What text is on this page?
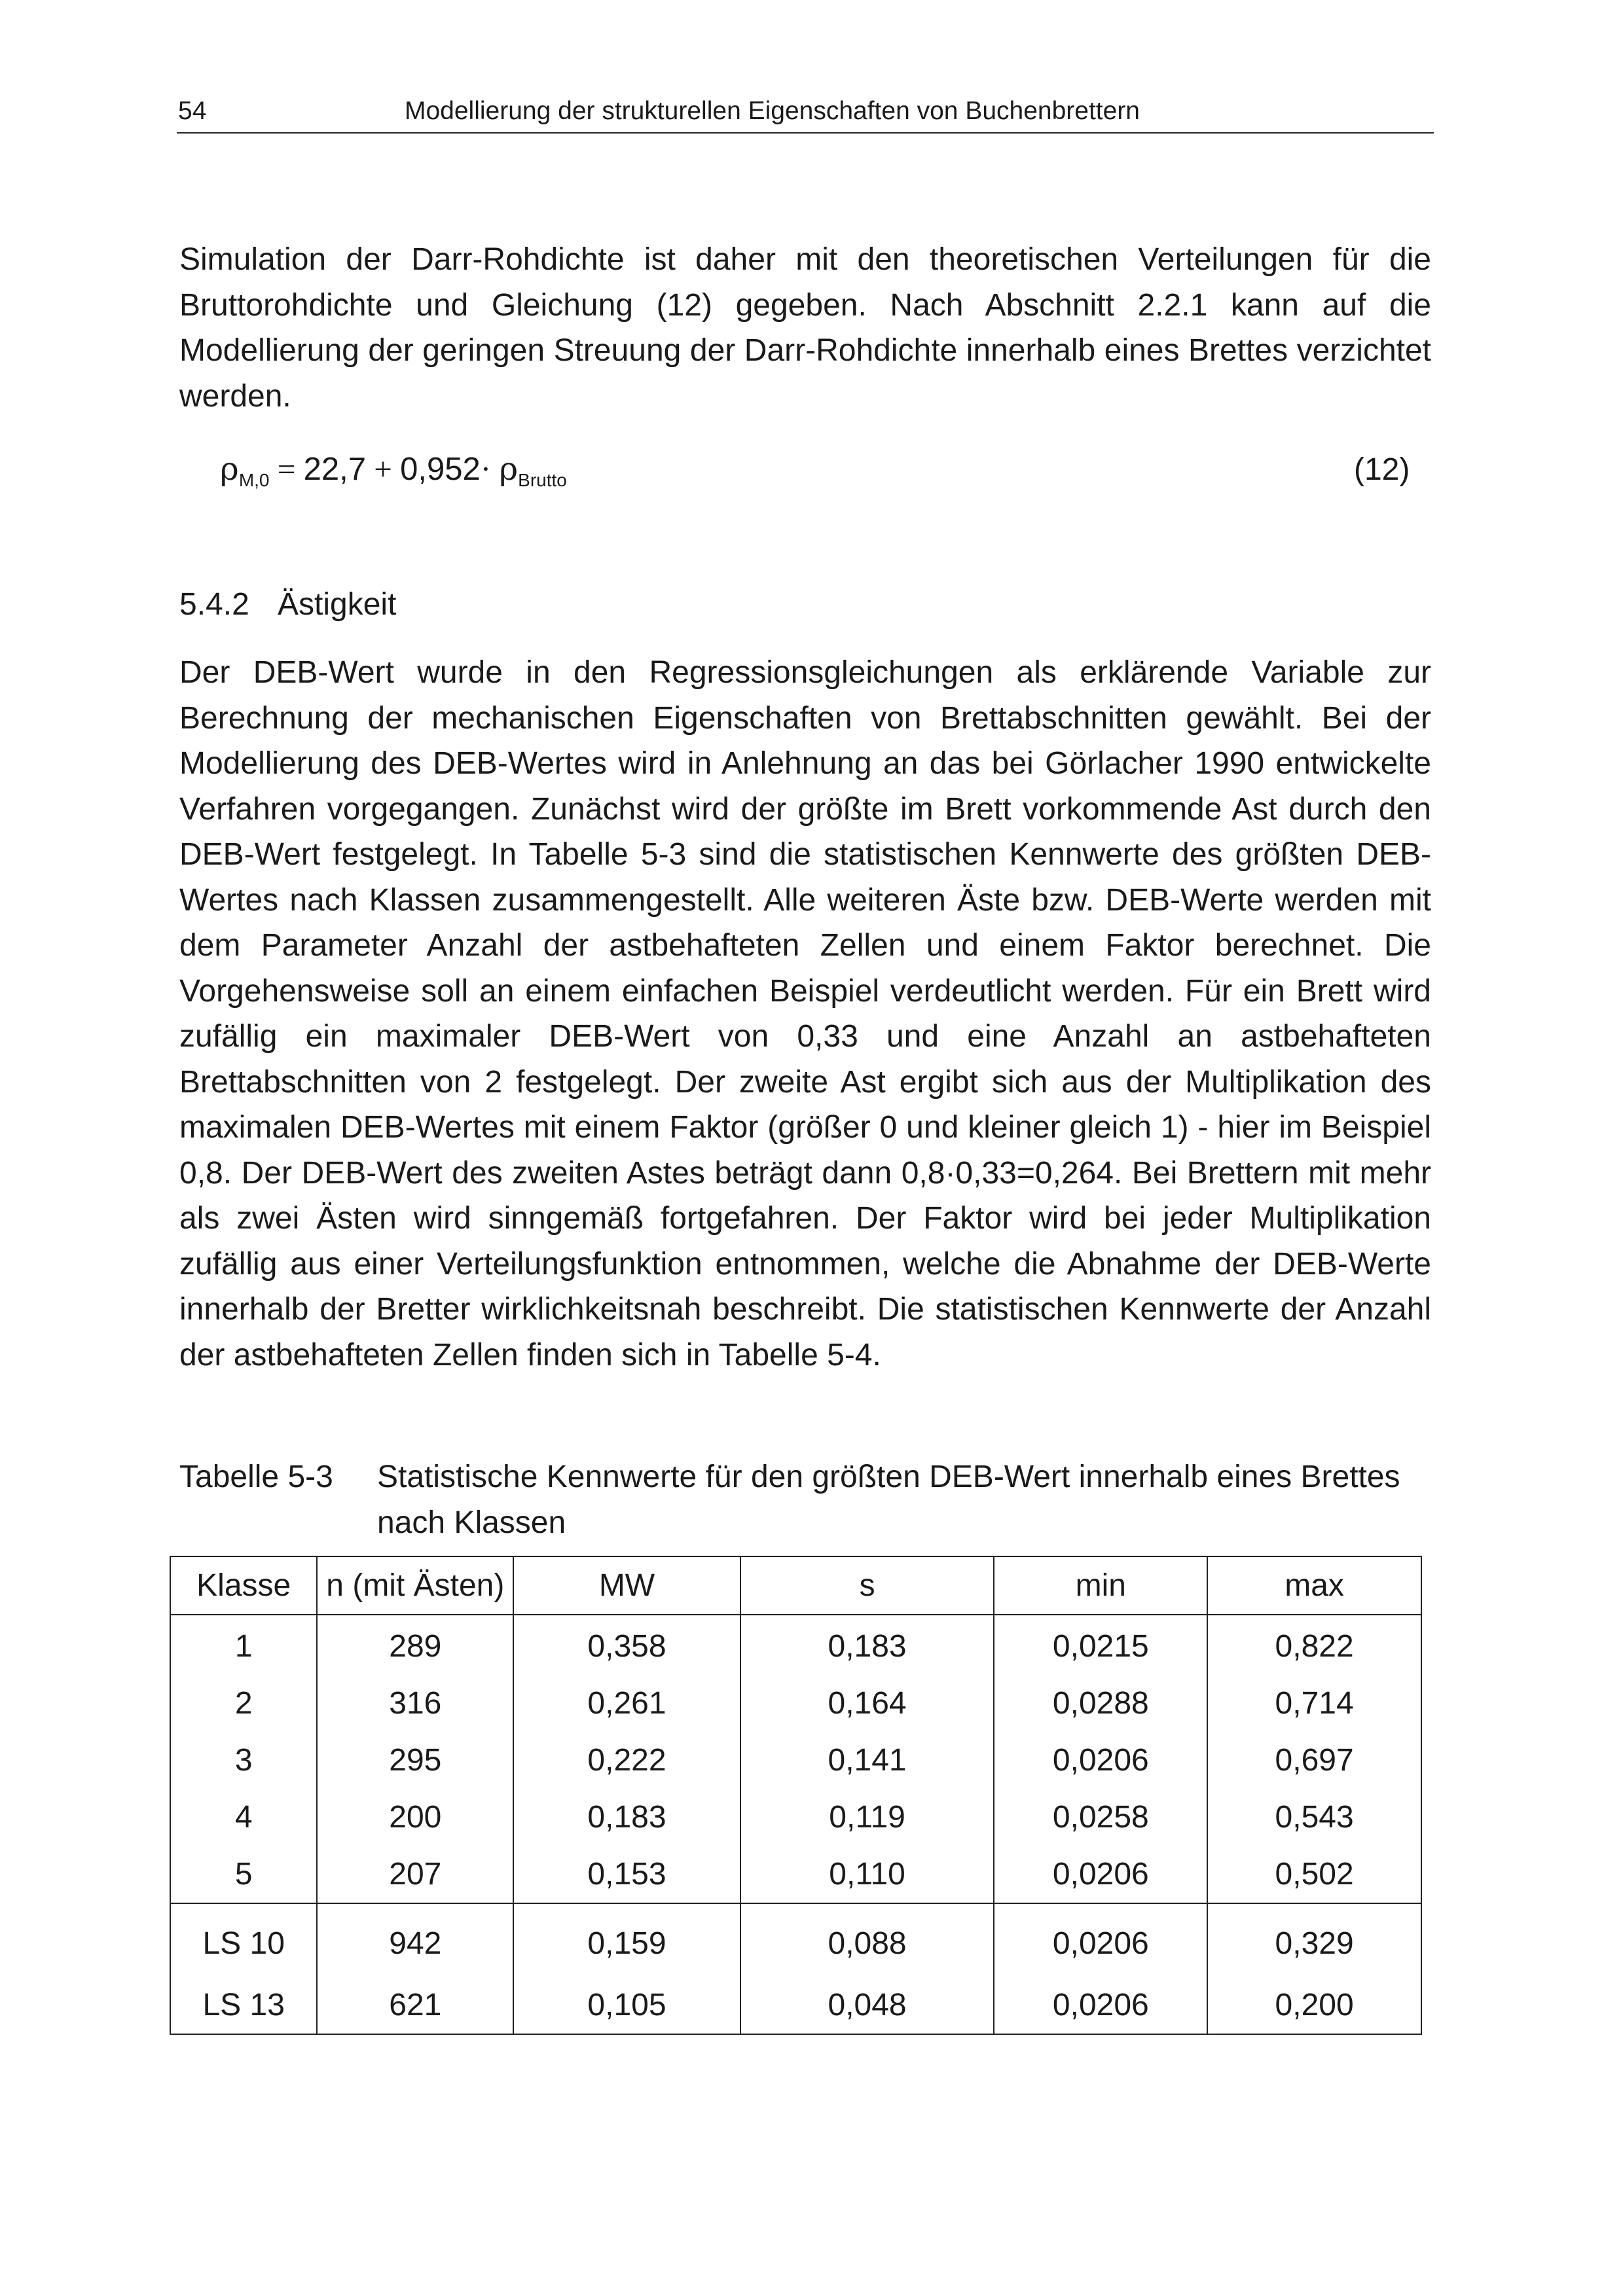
54	Modellierung der strukturellen Eigenschaften von Buchenbrettern

Simulation der Darr-Rohdichte ist daher mit den theoretischen Verteilungen für die Bruttorohdichte und Gleichung (12) gegeben. Nach Abschnitt 2.2.1 kann auf die Modellierung der geringen Streuung der Darr-Rohdichte innerhalb eines Brettes verzichtet werden.

$\rho_{M,0} = 22,7 + 0,952\cdot \rho_{Brutto}$	(12)
5.4.2 Ästigkeit

Der DEB-Wert wurde in den Regressionsgleichungen als erklärende Variable zur Berechnung der mechanischen Eigenschaften von Brettabschnitten gewählt. Bei der Modellierung des DEB-Wertes wird in Anlehnung an das bei Görlacher 1990 entwickelte Verfahren vorgegangen. Zunächst wird der größte im Brett vorkommende Ast durch den DEB-Wert festgelegt. In Tabelle 5-3 sind die statistischen Kennwerte des größten DEB-Wertes nach Klassen zusammengestellt. Alle weiteren Äste bzw. DEB-Werte werden mit dem Parameter Anzahl der astbehafteten Zellen und einem Faktor berechnet. Die Vorgehensweise soll an einem einfachen Beispiel verdeutlicht werden. Für ein Brett wird zufällig ein maximaler DEB-Wert von 0,33 und eine Anzahl an astbehafteten Brettabschnitten von 2 festgelegt. Der zweite Ast ergibt sich aus der Multiplikation des maximalen DEB-Wertes mit einem Faktor (größer 0 und kleiner gleich 1) - hier im Beispiel 0,8. Der DEB-Wert des zweiten Astes beträgt dann 0,8·0,33=0,264. Bei Brettern mit mehr als zwei Ästen wird sinngemäß fortgefahren. Der Faktor wird bei jeder Multiplikation zufällig aus einer Verteilungsfunktion entnommen, welche die Abnahme der DEB-Werte innerhalb der Bretter wirklichkeitsnah beschreibt. Die statistischen Kennwerte der Anzahl der astbehafteten Zellen finden sich in Tabelle 5-4.

Tabelle 5-3 Statistische Kennwerte für den größten DEB-Wert innerhalb eines Brettes nach Klassen
Klasse	n (mit Ästen)	MW	s	min	max
1	289	0,358	0,183	0,0215	0,822
2	316	0,261	0,164	0,0288	0,714
3	295	0,222	0,141	0,0206	0,697
4	200	0,183	0,119	0,0258	0,543
5	207	0,153	0,110	0,0206	0,502
LS 10	942	0,159	0,088	0,0206	0,329
LS 13	621	0,105	0,048	0,0206	0,200
